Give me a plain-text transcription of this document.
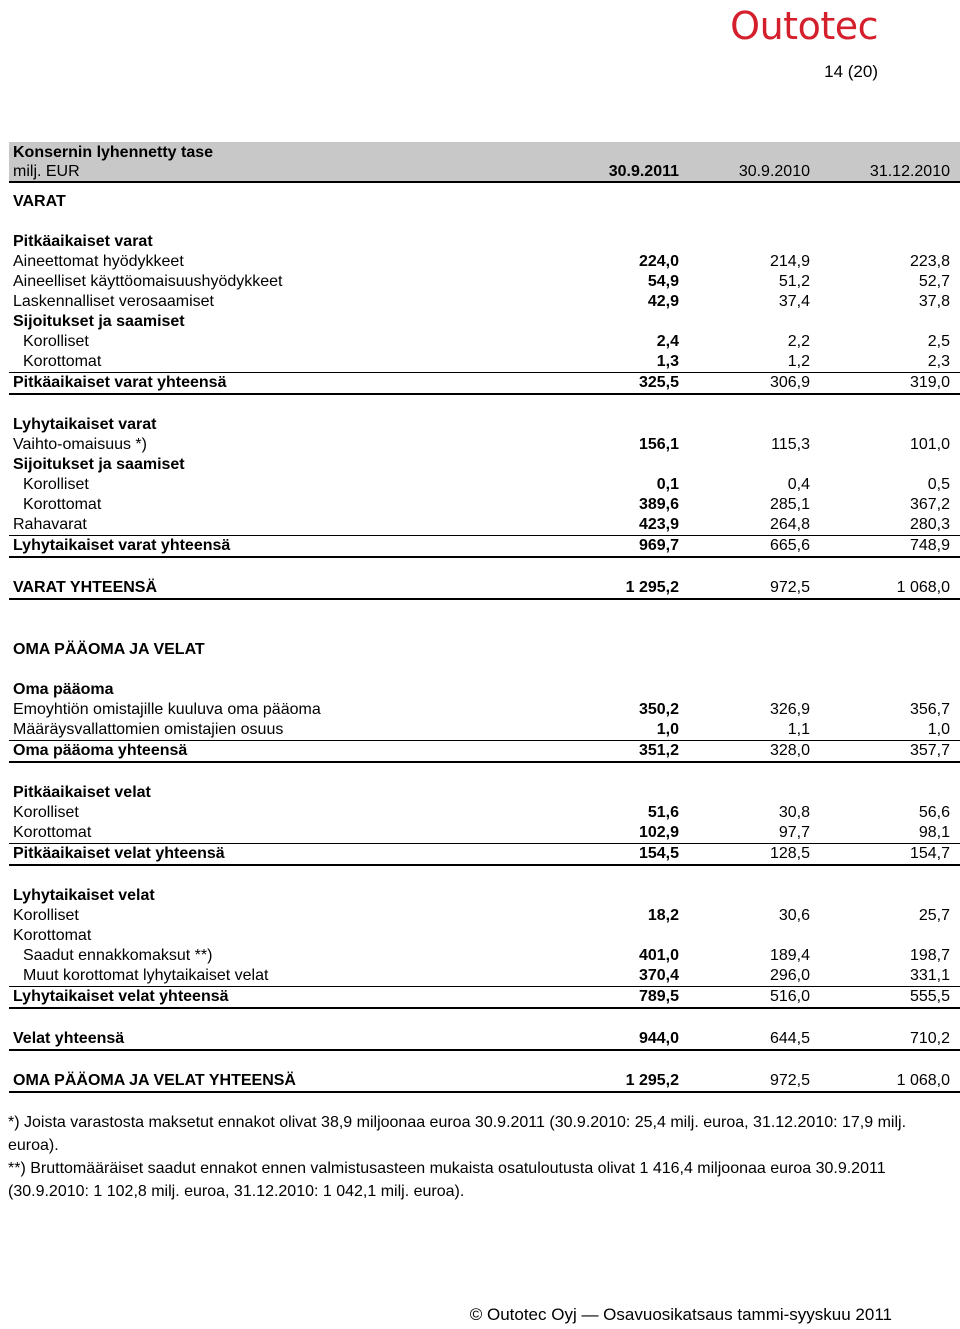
Outotec
14 (20)
Konsernin lyhennetty tase
milj. EUR	30.9.2011	30.9.2010	31.12.2010
VARAT
Pitkäaikaiset varat
Aineettomat hyödykkeet	224,0	214,9	223,8
Aineelliset käyttöomaisuushyödykkeet	54,9	51,2	52,7
Laskennalliset verosaamiset	42,9	37,4	37,8
Sijoitukset ja saamiset
Korolliset	2,4	2,2	2,5
Korottomat	1,3	1,2	2,3
Pitkäaikaiset varat yhteensä	325,5	306,9	319,0
Lyhytaikaiset varat
Vaihto-omaisuus *)	156,1	115,3	101,0
Sijoitukset ja saamiset
Korolliset	0,1	0,4	0,5
Korottomat	389,6	285,1	367,2
Rahavarat	423,9	264,8	280,3
Lyhytaikaiset varat yhteensä	969,7	665,6	748,9
VARAT YHTEENSÄ	1 295,2	972,5	1 068,0
OMA PÄÄOMA JA VELAT
Oma pääoma
Emoyhtiön omistajille kuuluva oma pääoma	350,2	326,9	356,7
Määräysvallattomien omistajien osuus	1,0	1,1	1,0
Oma pääoma yhteensä	351,2	328,0	357,7
Pitkäaikaiset velat
Korolliset	51,6	30,8	56,6
Korottomat	102,9	97,7	98,1
Pitkäaikaiset velat yhteensä	154,5	128,5	154,7
Lyhytaikaiset velat
Korolliset	18,2	30,6	25,7
Korottomat
Saadut ennakkomaksut **)	401,0	189,4	198,7
Muut korottomat lyhytaikaiset velat	370,4	296,0	331,1
Lyhytaikaiset velat yhteensä	789,5	516,0	555,5
Velat yhteensä	944,0	644,5	710,2
OMA PÄÄOMA JA VELAT YHTEENSÄ	1 295,2	972,5	1 068,0
*) Joista varastosta maksetut ennakot olivat 38,9 miljoonaa euroa 30.9.2011 (30.9.2010: 25,4 milj. euroa, 31.12.2010: 17,9 milj. euroa).
**) Bruttomääräiset saadut ennakot ennen valmistusasteen mukaista osatuloutusta olivat 1 416,4 miljoonaa euroa 30.9.2011 (30.9.2010: 1 102,8 milj. euroa, 31.12.2010: 1 042,1 milj. euroa).
© Outotec Oyj — Osavuosikatsaus tammi-syyskuu 2011
